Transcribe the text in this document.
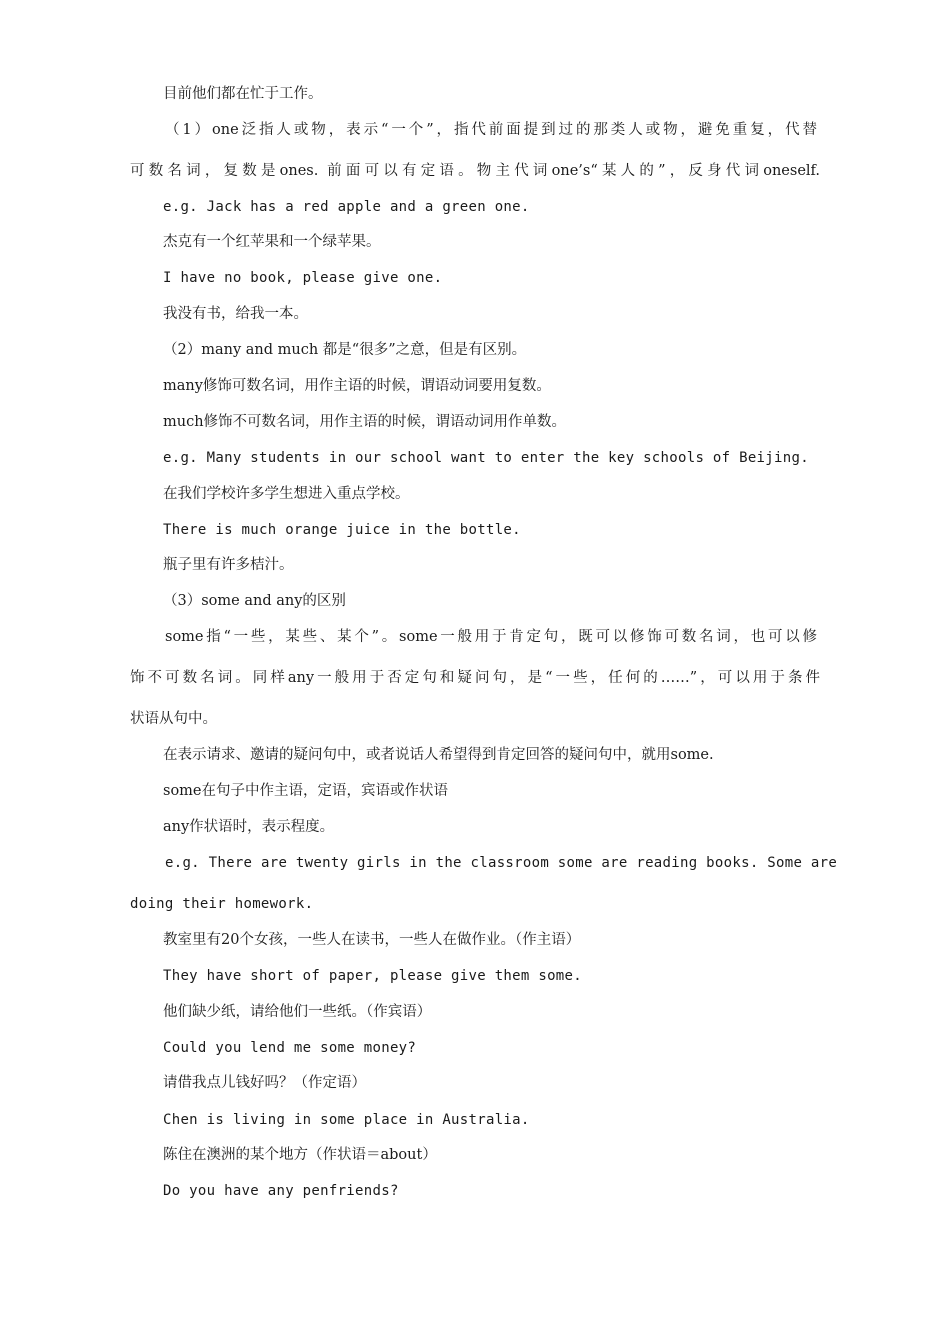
目前他们都在忙于工作。
（1）one泛指人或物，表示“一个”，指代前面提到过的那类人或物，避免重复，代替
可数名词，复数是ones. 前面可以有定语。物主代词one’s“某人的”，反身代词oneself.
e.g. Jack has a red apple and a green one.
杰克有一个红苹果和一个绿苹果。
I have no book, please give one.
我没有书，给我一本。
（2）many and much 都是“很多”之意，但是有区别。
many修饰可数名词，用作主语的时候，谓语动词要用复数。
much修饰不可数名词，用作主语的时候，谓语动词用作单数。
e.g. Many students in our school want to enter the key schools of Beijing.
在我们学校许多学生想进入重点学校。
There is much orange juice in the bottle.
瓶子里有许多桔汁。
（3）some and any的区别
some指“一些，某些、某个”。some一般用于肯定句，既可以修饰可数名词，也可以修
饰不可数名词。同样any一般用于否定句和疑问句，是“一些，任何的……”，可以用于条件
状语从句中。
在表示请求、邀请的疑问句中，或者说话人希望得到肯定回答的疑问句中，就用some.
some在句子中作主语，定语，宾语或作状语
any作状语时，表示程度。
e.g. There are twenty girls in the classroom some are reading books. Some are
doing their homework.
教室里有20个女孩，一些人在读书，一些人在做作业。（作主语）
They have short of paper, please give them some.
他们缺少纸，请给他们一些纸。（作宾语）
Could you lend me some money?
请借我点儿钱好吗？（作定语）
Chen is living in some place in Australia.
陈住在澳洲的某个地方（作状语＝about）
Do you have any penfriends?
